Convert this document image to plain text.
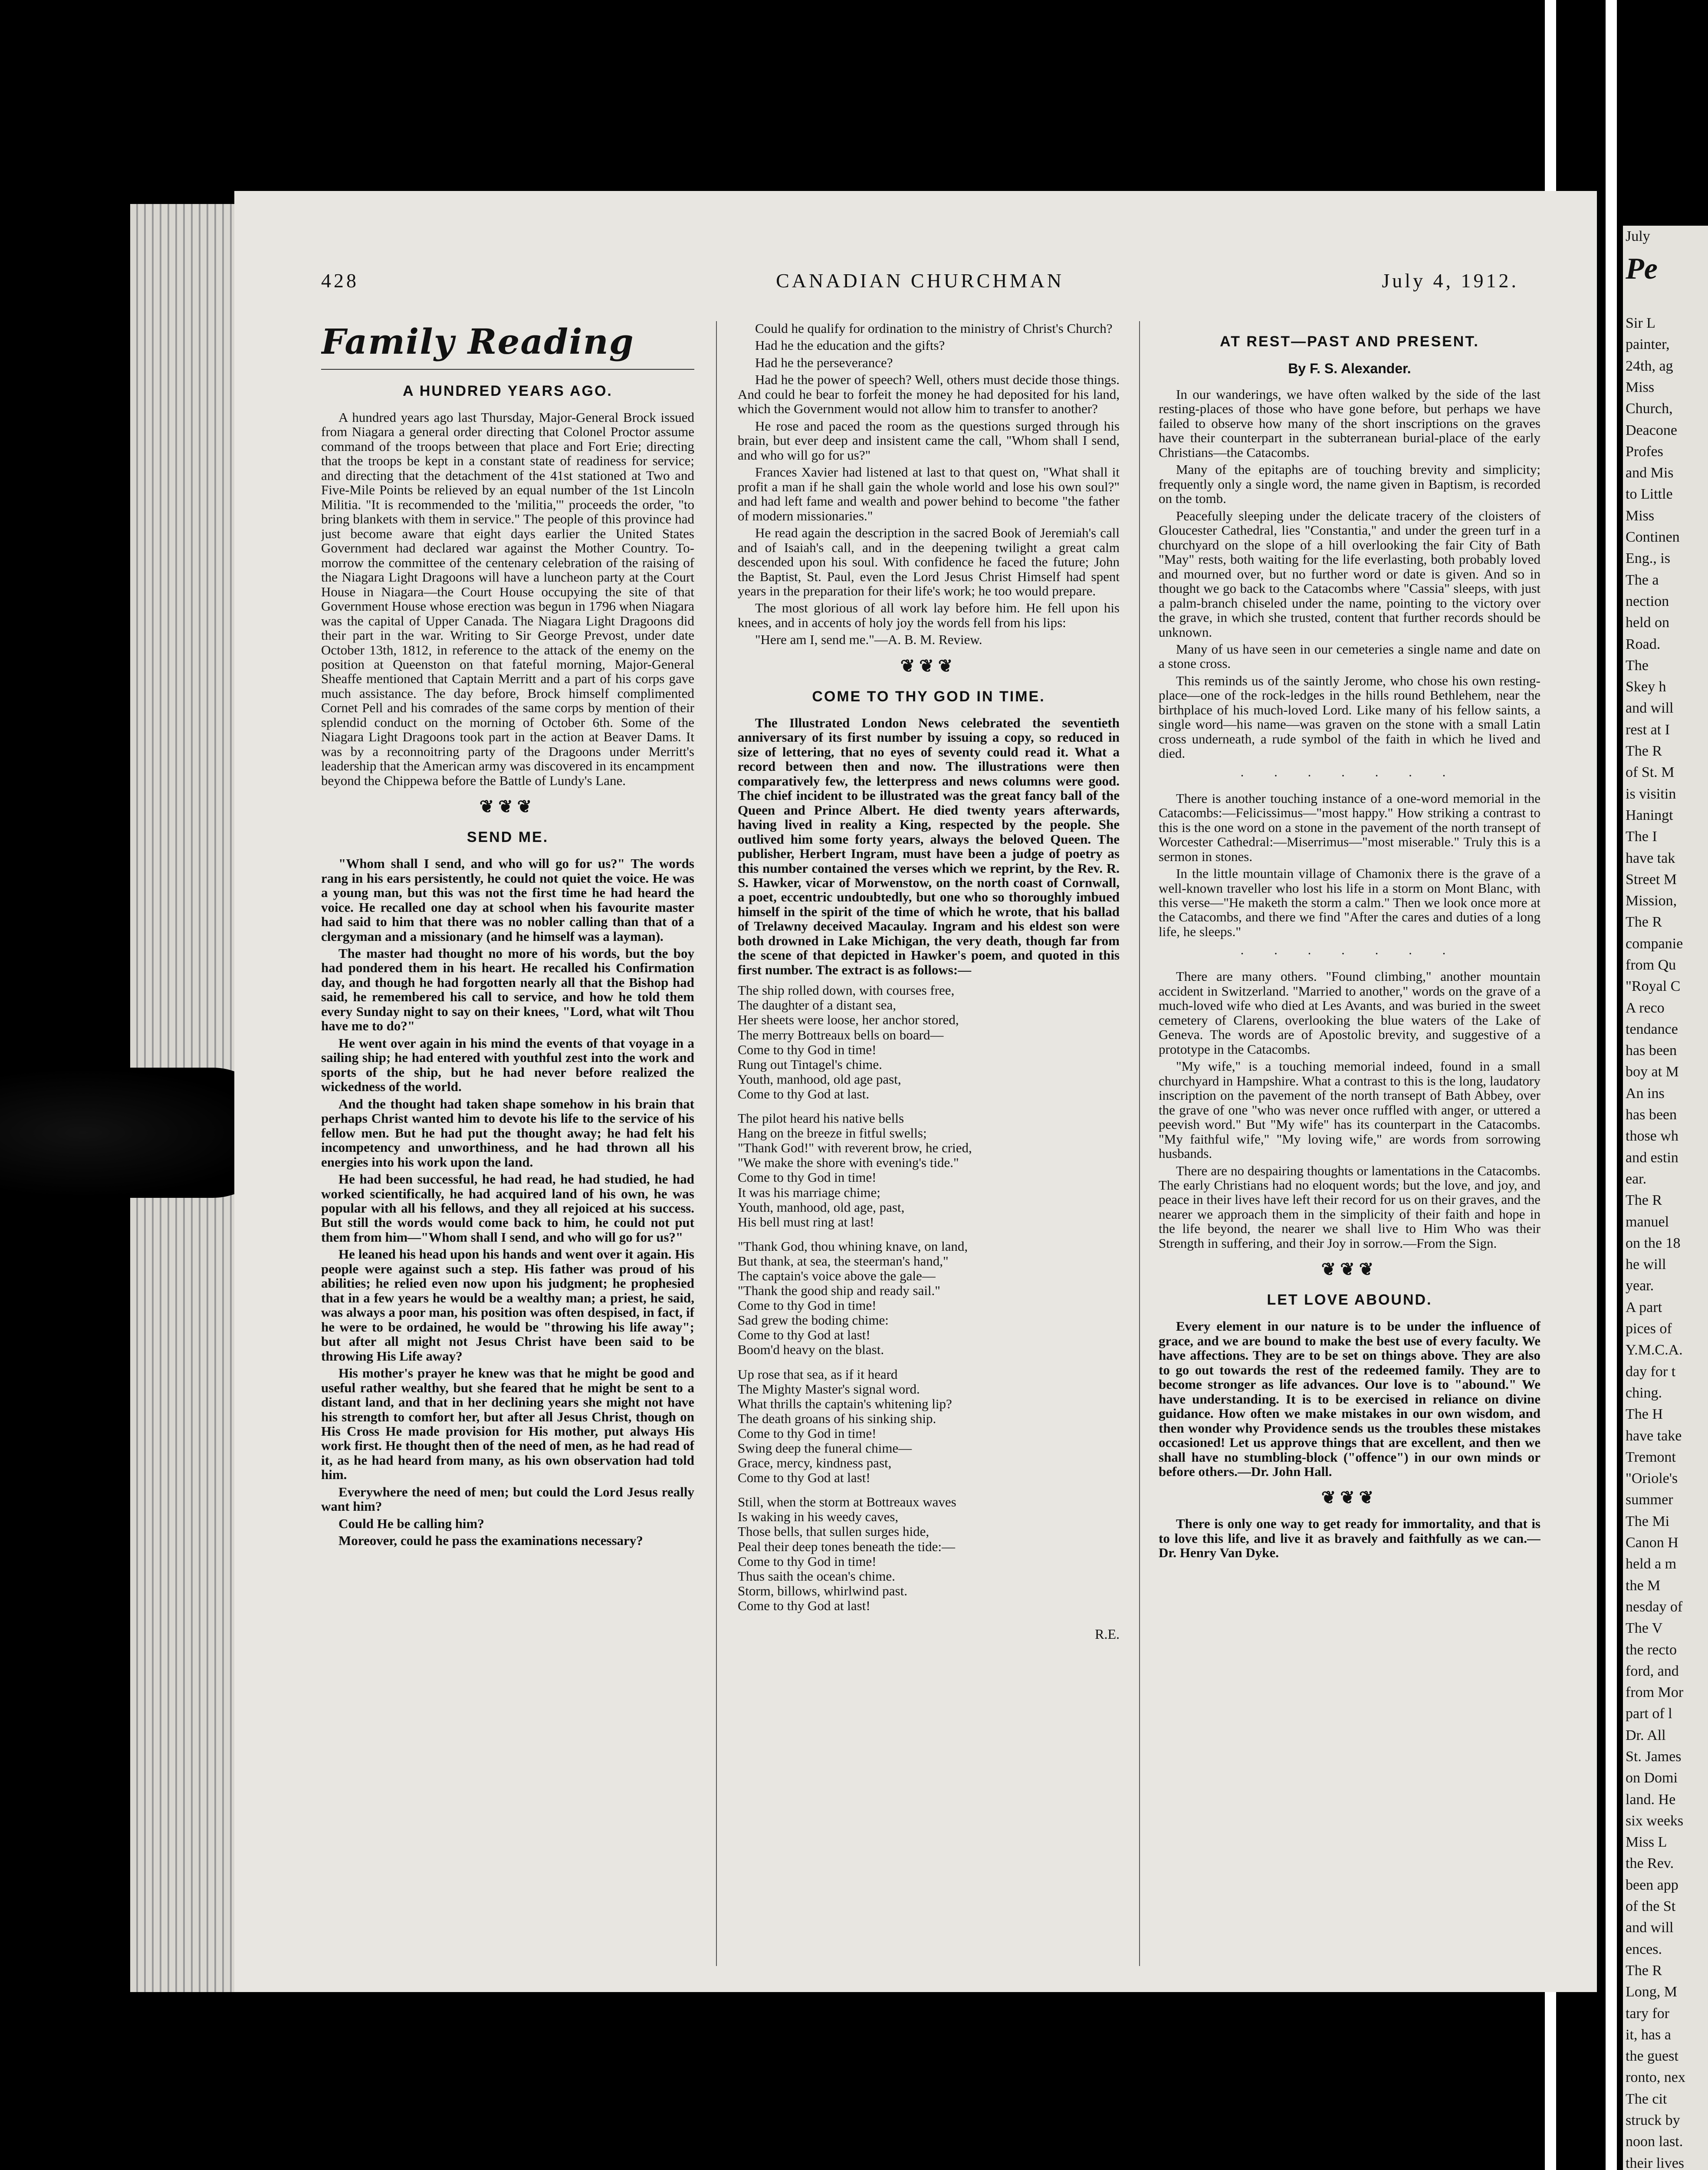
July
Pe

Sir L
painter,
24th, ag
Miss
Church,
Deacone
Profes
and Mis
to Little
Miss
Continen
Eng., is
The a
nection
held on
Road.
The
Skey h
and will
rest at I
The R
of St. M
is visitin
Haningt
The I
have tak
Street M
Mission,
The R
companie
from Qu
"Royal C
A reco
tendance
has been
boy at M
An ins
has been
those wh
and estin
ear.
The R
manuel
on the 18
he will
year.
A part
pices of
Y.M.C.A.
day for t
ching.
The H
have take
Tremont
"Oriole's
summer
The Mi
Canon H
held a m
the M
nesday of
The V
the recto
ford, and
from Mor
part of l
Dr. All
St. James
on Domi
land. He
six weeks
Miss L
the Rev.
been app
of the St
and will
ences.
The R
Long, M
tary for
it, has a
the guest
ronto, nex
The cit
struck by
noon last.
their lives
428	CANADIAN CHURCHMAN	July 4, 1912.
Family Reading
A HUNDRED YEARS AGO.

A hundred years ago last Thursday, Major-General Brock issued from Niagara a general order directing that Colonel Proctor assume command of the troops between that place and Fort Erie; directing that the troops be kept in a constant state of readiness for service; and directing that the detachment of the 41st stationed at Two and Five-Mile Points be relieved by an equal number of the 1st Lincoln Militia. "It is recommended to the 'militia,'" proceeds the order, "to bring blankets with them in service." The people of this province had just become aware that eight days earlier the United States Government had declared war against the Mother Country. To-morrow the committee of the centenary celebration of the raising of the Niagara Light Dragoons will have a luncheon party at the Court House in Niagara—the Court House occupying the site of that Government House whose erection was begun in 1796 when Niagara was the capital of Upper Canada. The Niagara Light Dragoons did their part in the war. Writing to Sir George Prevost, under date October 13th, 1812, in reference to the attack of the enemy on the position at Queenston on that fateful morning, Major-General Sheaffe mentioned that Captain Merritt and a part of his corps gave much assistance. The day before, Brock himself complimented Cornet Pell and his comrades of the same corps by mention of their splendid conduct on the morning of October 6th. Some of the Niagara Light Dragoons took part in the action at Beaver Dams. It was by a reconnoitring party of the Dragoons under Merritt's leadership that the American army was discovered in its encampment beyond the Chippewa before the Battle of Lundy's Lane.

❦❦❦
SEND ME.

"Whom shall I send, and who will go for us?" The words rang in his ears persistently, he could not quiet the voice. He was a young man, but this was not the first time he had heard the voice. He recalled one day at school when his favourite master had said to him that there was no nobler calling than that of a clergyman and a missionary (and he himself was a layman).

The master had thought no more of his words, but the boy had pondered them in his heart. He recalled his Confirmation day, and though he had forgotten nearly all that the Bishop had said, he remembered his call to service, and how he told them every Sunday night to say on their knees, "Lord, what wilt Thou have me to do?"

He went over again in his mind the events of that voyage in a sailing ship; he had entered with youthful zest into the work and sports of the ship, but he had never before realized the wickedness of the world.

And the thought had taken shape somehow in his brain that perhaps Christ wanted him to devote his life to the service of his fellow men. But he had put the thought away; he had felt his incompetency and unworthiness, and he had thrown all his energies into his work upon the land.

He had been successful, he had read, he had studied, he had worked scientifically, he had acquired land of his own, he was popular with all his fellows, and they all rejoiced at his success. But still the words would come back to him, he could not put them from him—"Whom shall I send, and who will go for us?"

He leaned his head upon his hands and went over it again. His people were against such a step. His father was proud of his abilities; he relied even now upon his judgment; he prophesied that in a few years he would be a wealthy man; a priest, he said, was always a poor man, his position was often despised, in fact, if he were to be ordained, he would be "throwing his life away"; but after all might not Jesus Christ have been said to be throwing His Life away?

His mother's prayer he knew was that he might be good and useful rather wealthy, but she feared that he might be sent to a distant land, and that in her declining years she might not have his strength to comfort her, but after all Jesus Christ, though on His Cross He made provision for His mother, put always His work first. He thought then of the need of men, as he had read of it, as he had heard from many, as his own observation had told him.

Everywhere the need of men; but could the Lord Jesus really want him?

Could He be calling him?

Moreover, could he pass the examinations necessary?

Could he qualify for ordination to the ministry of Christ's Church?

Had he the education and the gifts?

Had he the perseverance?

Had he the power of speech? Well, others must decide those things. And could he bear to forfeit the money he had deposited for his land, which the Government would not allow him to transfer to another?

He rose and paced the room as the questions surged through his brain, but ever deep and insistent came the call, "Whom shall I send, and who will go for us?"

Frances Xavier had listened at last to that quest on, "What shall it profit a man if he shall gain the whole world and lose his own soul?" and had left fame and wealth and power behind to become "the father of modern missionaries."

He read again the description in the sacred Book of Jeremiah's call and of Isaiah's call, and in the deepening twilight a great calm descended upon his soul. With confidence he faced the future; John the Baptist, St. Paul, even the Lord Jesus Christ Himself had spent years in the preparation for their life's work; he too would prepare.

The most glorious of all work lay before him. He fell upon his knees, and in accents of holy joy the words fell from his lips:

"Here am I, send me."—A. B. M. Review.

❦❦❦
COME TO THY GOD IN TIME.

The Illustrated London News celebrated the seventieth anniversary of its first number by issuing a copy, so reduced in size of lettering, that no eyes of seventy could read it. What a record between then and now. The illustrations were then comparatively few, the letterpress and news columns were good. The chief incident to be illustrated was the great fancy ball of the Queen and Prince Albert. He died twenty years afterwards, having lived in reality a King, respected by the people. She outlived him some forty years, always the beloved Queen. The publisher, Herbert Ingram, must have been a judge of poetry as this number contained the verses which we reprint, by the Rev. R. S. Hawker, vicar of Morwenstow, on the north coast of Cornwall, a poet, eccentric undoubtedly, but one who so thoroughly imbued himself in the spirit of the time of which he wrote, that his ballad of Trelawny deceived Macaulay. Ingram and his eldest son were both drowned in Lake Michigan, the very death, though far from the scene of that depicted in Hawker's poem, and quoted in this first number. The extract is as follows:—

The ship rolled down, with courses free,
The daughter of a distant sea,
Her sheets were loose, her anchor stored,
The merry Bottreaux bells on board—
Come to thy God in time!
Rung out Tintagel's chime.
Youth, manhood, old age past,
Come to thy God at last.
The pilot heard his native bells
Hang on the breeze in fitful swells;
"Thank God!" with reverent brow, he cried,
"We make the shore with evening's tide."
Come to thy God in time!
It was his marriage chime;
Youth, manhood, old age, past,
His bell must ring at last!
"Thank God, thou whining knave, on land,
But thank, at sea, the steerman's hand,"
The captain's voice above the gale—
"Thank the good ship and ready sail."
Come to thy God in time!
Sad grew the boding chime:
Come to thy God at last!
Boom'd heavy on the blast.
Up rose that sea, as if it heard
The Mighty Master's signal word.
What thrills the captain's whitening lip?
The death groans of his sinking ship.
Come to thy God in time!
Swing deep the funeral chime—
Grace, mercy, kindness past,
Come to thy God at last!
Still, when the storm at Bottreaux waves
Is waking in his weedy caves,
Those bells, that sullen surges hide,
Peal their deep tones beneath the tide:—
Come to thy God in time!
Thus saith the ocean's chime.
Storm, billows, whirlwind past.
Come to thy God at last!
R.E.
AT REST—PAST AND PRESENT.
By F. S. Alexander.

In our wanderings, we have often walked by the side of the last resting-places of those who have gone before, but perhaps we have failed to observe how many of the short inscriptions on the graves have their counterpart in the subterranean burial-place of the early Christians—the Catacombs.

Many of the epitaphs are of touching brevity and simplicity; frequently only a single word, the name given in Baptism, is recorded on the tomb.

Peacefully sleeping under the delicate tracery of the cloisters of Gloucester Cathedral, lies "Constantia," and under the green turf in a churchyard on the slope of a hill overlooking the fair City of Bath "May" rests, both waiting for the life everlasting, both probably loved and mourned over, but no further word or date is given. And so in thought we go back to the Catacombs where "Cassia" sleeps, with just a palm-branch chiseled under the name, pointing to the victory over the grave, in which she trusted, content that further records should be unknown.

Many of us have seen in our cemeteries a single name and date on a stone cross.

This reminds us of the saintly Jerome, who chose his own resting-place—one of the rock-ledges in the hills round Bethlehem, near the birthplace of his much-loved Lord. Like many of his fellow saints, a single word—his name—was graven on the stone with a small Latin cross underneath, a rude symbol of the faith in which he lived and died.

· · · · · · ·

There is another touching instance of a one-word memorial in the Catacombs:—Felicissimus—"most happy." How striking a contrast to this is the one word on a stone in the pavement of the north transept of Worcester Cathedral:—Miserrimus—"most miserable." Truly this is a sermon in stones.

In the little mountain village of Chamonix there is the grave of a well-known traveller who lost his life in a storm on Mont Blanc, with this verse—"He maketh the storm a calm." Then we look once more at the Catacombs, and there we find "After the cares and duties of a long life, he sleeps."

· · · · · · ·

There are many others. "Found climbing," another mountain accident in Switzerland. "Married to another," words on the grave of a much-loved wife who died at Les Avants, and was buried in the sweet cemetery of Clarens, overlooking the blue waters of the Lake of Geneva. The words are of Apostolic brevity, and suggestive of a prototype in the Catacombs.

"My wife," is a touching memorial indeed, found in a small churchyard in Hampshire. What a contrast to this is the long, laudatory inscription on the pavement of the north transept of Bath Abbey, over the grave of one "who was never once ruffled with anger, or uttered a peevish word." But "My wife" has its counterpart in the Catacombs. "My faithful wife," "My loving wife," are words from sorrowing husbands.

There are no despairing thoughts or lamentations in the Catacombs. The early Christians had no eloquent words; but the love, and joy, and peace in their lives have left their record for us on their graves, and the nearer we approach them in the simplicity of their faith and hope in the life beyond, the nearer we shall live to Him Who was their Strength in suffering, and their Joy in sorrow.—From the Sign.

❦❦❦
LET LOVE ABOUND.

Every element in our nature is to be under the influence of grace, and we are bound to make the best use of every faculty. We have affections. They are to be set on things above. They are also to go out towards the rest of the redeemed family. They are to become stronger as life advances. Our love is to "abound." We have understanding. It is to be exercised in reliance on divine guidance. How often we make mistakes in our own wisdom, and then wonder why Providence sends us the troubles these mistakes occasioned! Let us approve things that are excellent, and then we shall have no stumbling-block ("offence") in our own minds or before others.—Dr. John Hall.

❦❦❦

There is only one way to get ready for immortality, and that is to love this life, and live it as bravely and faithfully as we can.—Dr. Henry Van Dyke.
